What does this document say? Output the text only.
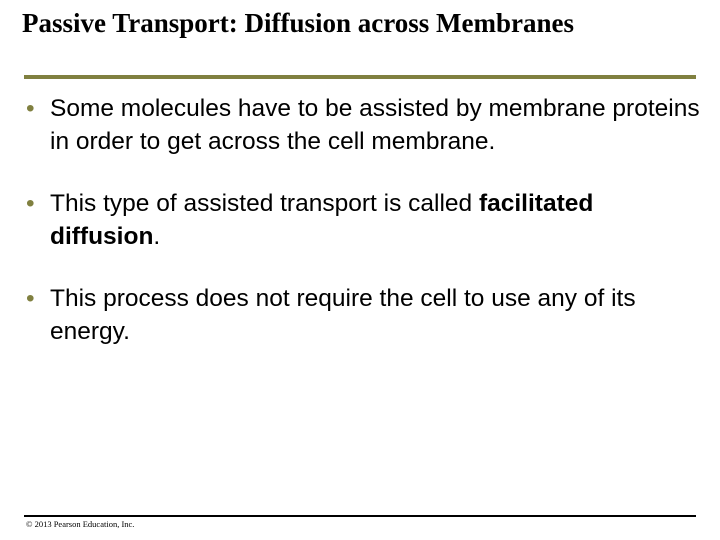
Passive Transport: Diffusion across Membranes
• Some molecules have to be assisted by membrane proteins in order to get across the cell membrane.
• This type of assisted transport is called facilitated diffusion.
• This process does not require the cell to use any of its energy.
© 2013 Pearson Education, Inc.
